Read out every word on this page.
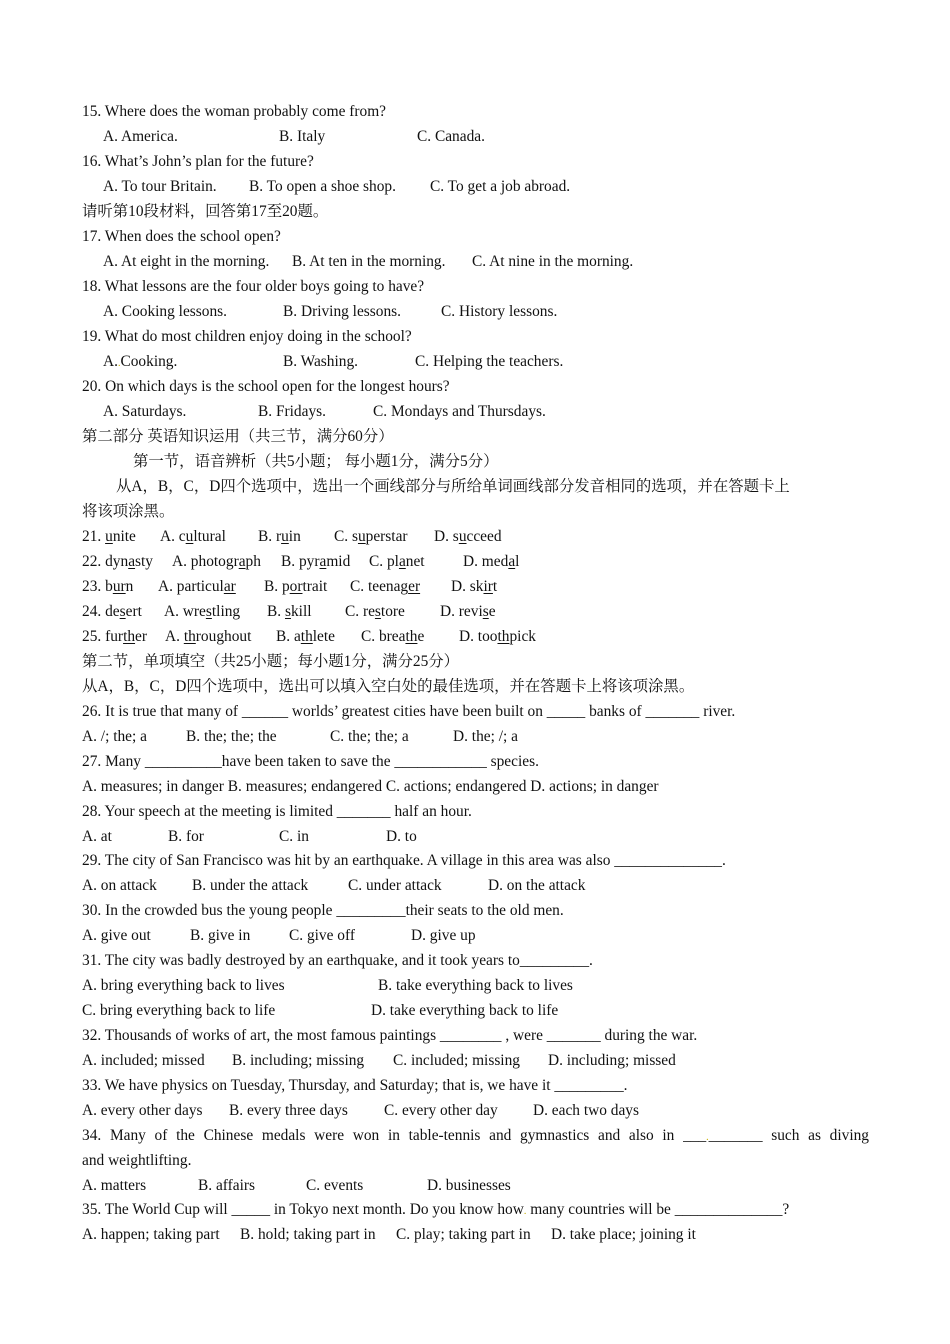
15. Where does the woman probably come from?
A. America.	B. Italy	C. Canada.
16. What’s John’s plan for the future?
A. To tour Britain. B. To open a shoe shop. C. To get a job abroad.
请听第10段材料，回答第17至20题。
17. When does the school open?
A. At eight in the morning. B. At ten in the morning. C. At nine in the morning.
18. What lessons are the four older boys going to have?
A. Cooking lessons.	B. Driving lessons.	C. History lessons.
19. What do most children enjoy doing in the school?
A..Cooking.	B. Washing.	C. Helping the teachers.
20. On which days is the school open for the longest hours?
A. Saturdays.	B. Fridays.	C. Mondays and Thursdays.
第二部分 英语知识运用（共三节，满分60分）
第一节，语音辨析（共5小题； 每小题1分，满分5分）
从A，B，C，D四个选项中，选出一个画线部分与所给单词画线部分发音相同的选项，并在答题卡上
将该项涂黑。
21. unite A. cultural B. ruin C. superstar D. succeed
22. dynasty A. photograph B. pyramid C. planet D. medal
23. burn A. particular B. portrait C. teenager D. skirt
24. desert A. wrestling B. skill C. restore D. revise
25. further A. throughout B. athlete C. breathe D. toothpick
第二节，单项填空（共25小题；每小题1分，满分25分）
从A，B，C，D四个选项中，选出可以填入空白处的最佳选项，并在答题卡上将该项涂黑。
26. It is true that many of ______ worlds’ greatest cities have been built on _____ banks of _______ river.
A. /; the; a	B. the; the; the	C. the; the; a	D. the; /; a
27. Many __________have been taken to save the ____________ species.
A. measures; in danger B. measures; endangered C. actions; endangered D. actions; in danger
28. Your speech at the meeting is limited _______ half an hour.
A. at	B. for	C. in	D. to
29. The city of San Francisco was hit by an earthquake. A village in this area was also ______________.
A. on attack B. under the attack	C. under attack	D. on the attack
30. In the crowded bus the young people _________their seats to the old men.
A. give out	B. give in	C. give off	D. give up
31. The city was badly destroyed by an earthquake, and it took years to_________.
A. bring everything back to lives	B. take everything back to lives
C. bring everything back to life	D. take everything back to life
32. Thousands of works of art, the most famous paintings ________ , were _______ during the war.
A. included; missed B. including; missing C. included; missing D. including; missed
33. We have physics on Tuesday, Thursday, and Saturday; that is, we have it _________.
A. every other days B. every three days C. every other day D. each two days
34. Many of the Chinese medals were won in table-tennis and gymnastics and also in ___._______ such as diving
and weightlifting.
A. matters	B. affairs	C. events	D. businesses
35. The World Cup will _____ in Tokyo next month. Do you know how. many countries will be ______________?
A. happen; taking part B. hold; taking part in C. play; taking part in D. take place; joining it
